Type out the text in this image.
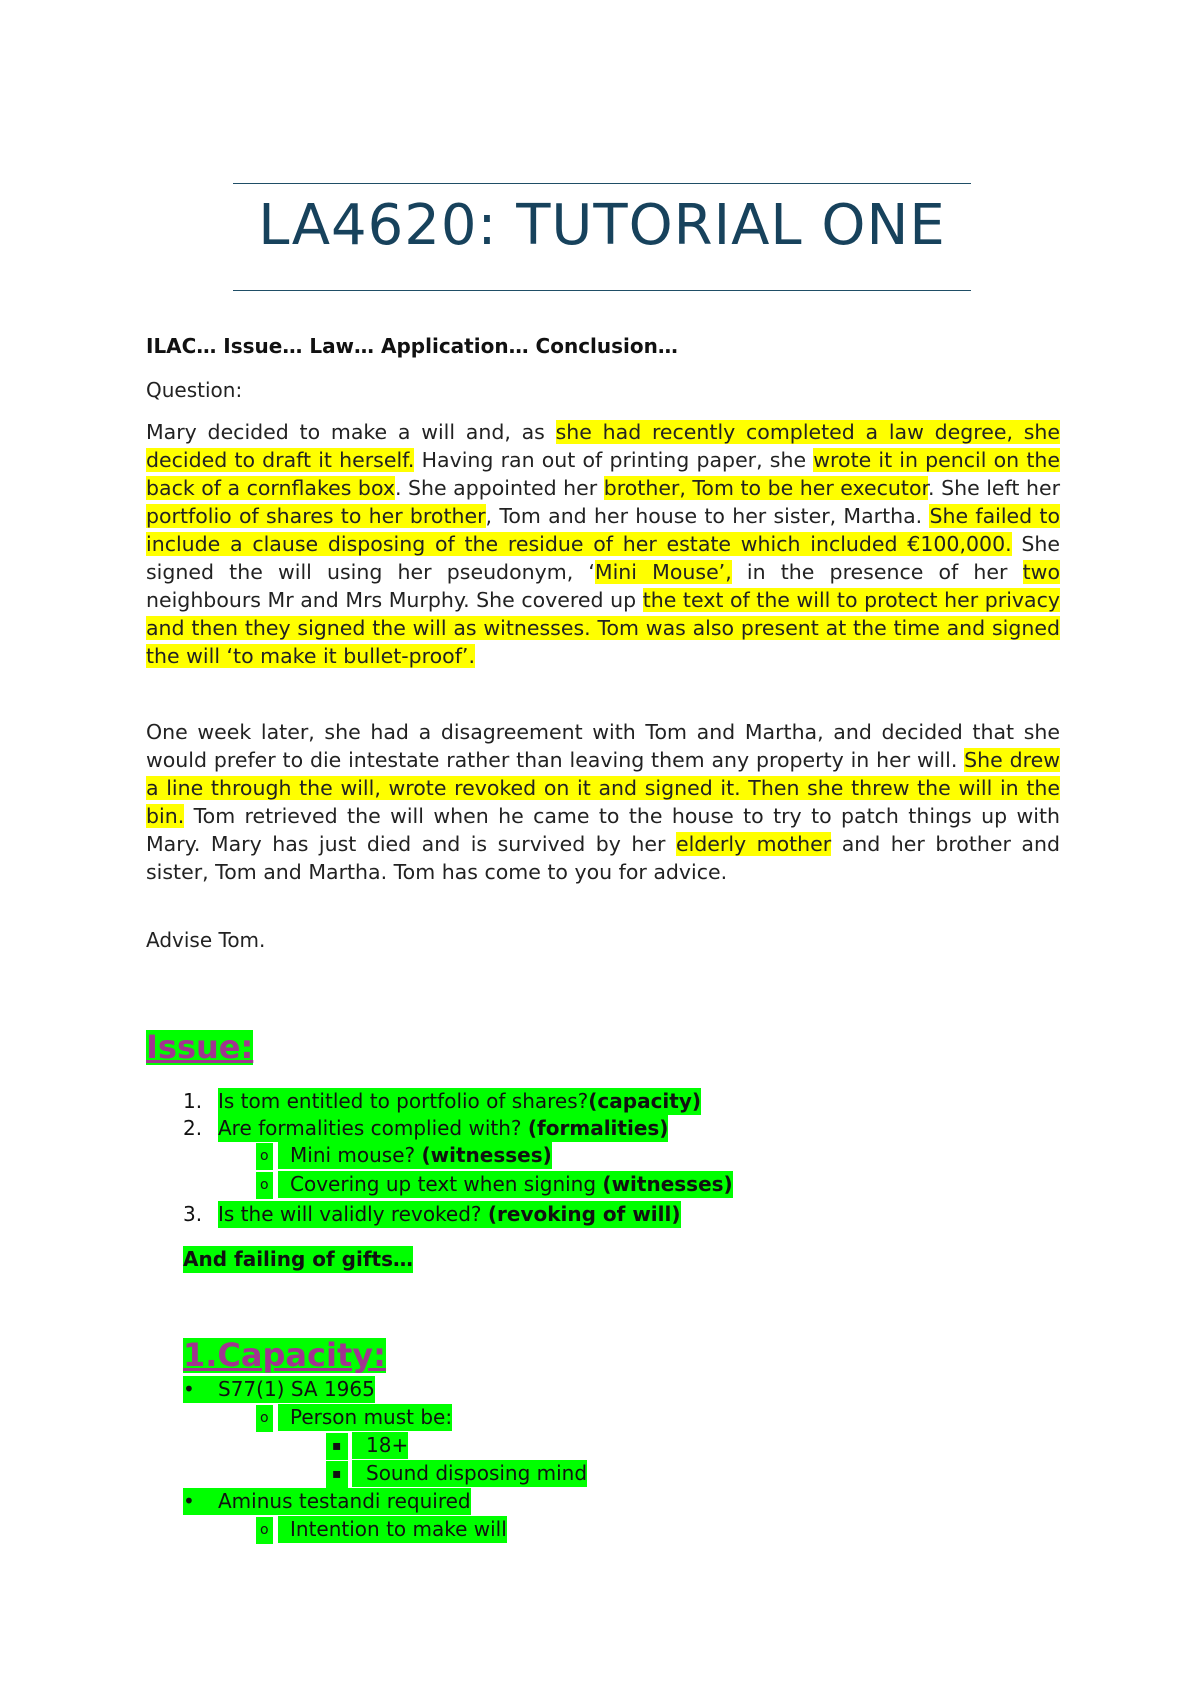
LA4620: TUTORIAL ONE
ILAC… Issue… Law… Application… Conclusion…
Question:

Mary decided to make a will and, as she had recently completed a law degree, she decided to draft it herself. Having ran out of printing paper, she wrote it in pencil on the back of a cornflakes box. She appointed her brother, Tom to be her executor. She left her portfolio of shares to her brother, Tom and her house to her sister, Martha. She failed to include a clause disposing of the residue of her estate which included €100,000. She signed the will using her pseudonym, ‘Mini Mouse’, in the presence of her two neighbours Mr and Mrs Murphy. She covered up the text of the will to protect her privacy and then they signed the will as witnesses. Tom was also present at the time and signed the will ‘to make it bullet-proof’.

One week later, she had a disagreement with Tom and Martha, and decided that she would prefer to die intestate rather than leaving them any property in her will. She drew a line through the will, wrote revoked on it and signed it. Then she threw the will in the bin. Tom retrieved the will when he came to the house to try to patch things up with Mary. Mary has just died and is survived by her elderly mother and her brother and sister, Tom and Martha. Tom has come to you for advice.

Advise Tom.
Issue:
1. Is tom entitled to portfolio of shares?(capacity)
2. Are formalities complied with? (formalities)
o	Mini mouse? (witnesses)
o	Covering up text when signing (witnesses)
3. Is the will validly revoked? (revoking of will)
And failing of gifts…
1.Capacity:
•	S77(1) SA 1965
o	Person must be:
▪	18+
▪	Sound disposing mind
•	Aminus testandi required
o	Intention to make will
